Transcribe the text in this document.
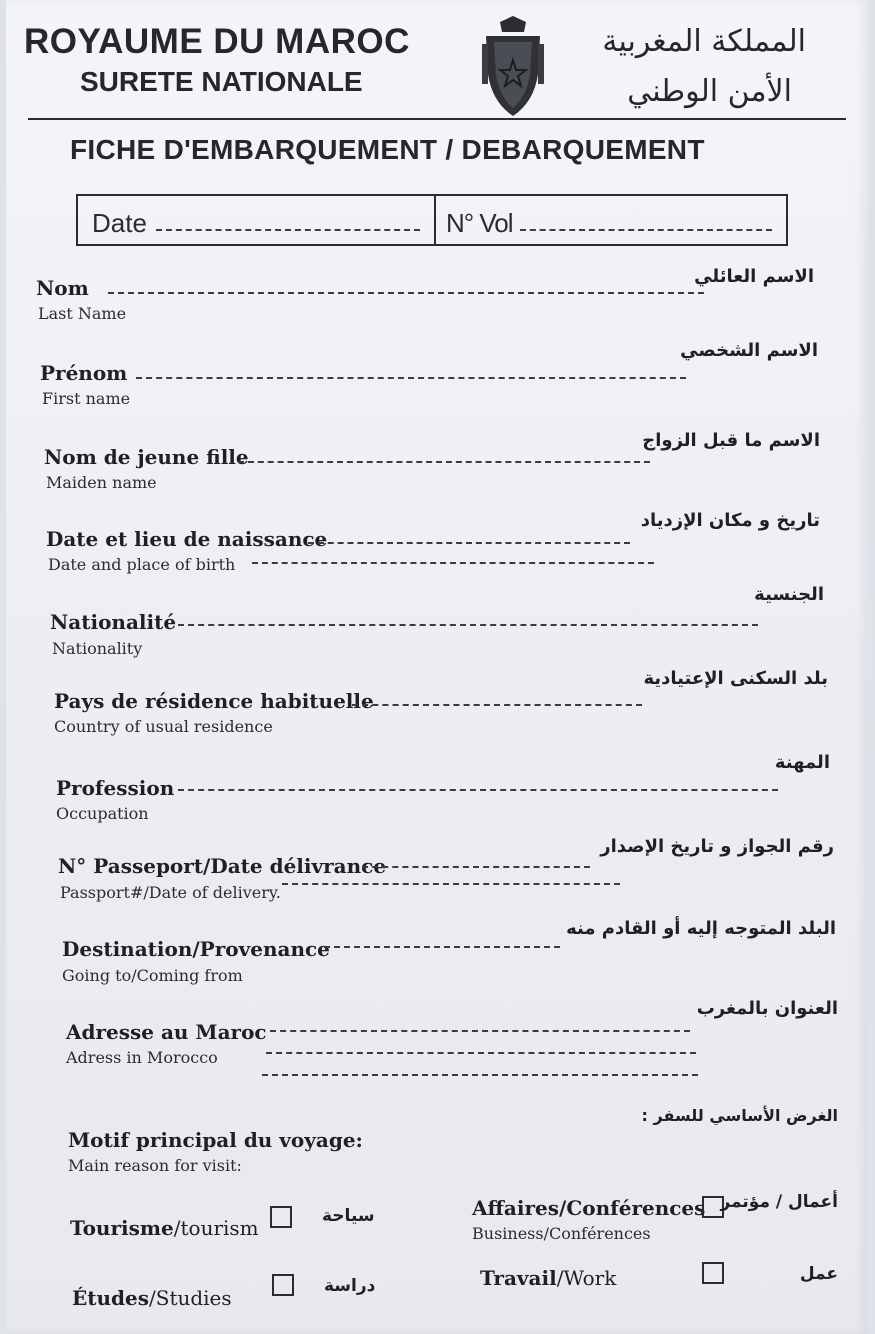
ROYAUME DU MAROC
SURETE NATIONALE
المملكة المغربية
الأمن الوطني
FICHE D'EMBARQUEMENT / DEBARQUEMENT
Date	N° Vol
Nom	الاسم العائلي
Last Name
Prénom
الاسم الشخصي
First name
Nom de jeune fille
الاسم ما قبل الزواج
Maiden name
Date et lieu de naissance
تاريخ و مكان الإزدياد
Date and place of birth
Nationalité
الجنسية
Nationality
Pays de résidence habituelle
بلد السكنى الإعتيادية
Country of usual residence
Profession
المهنة
Occupation
N° Passeport/Date délivrance
رقم الجواز و تاريخ الإصدار
Passport#/Date of delivery.
Destination/Provenance
البلد المتوجه إليه أو القادم منه
Going to/Coming from
Adresse au Maroc
العنوان بالمغرب
Adress in Morocco
Motif principal du voyage:
Main reason for visit:
الغرض الأساسي للسفر :
Tourisme/tourism	سياحة	Affaires/Conférences أعمال / مؤتمر
Business/Conférences
Études/Studies	دراسة	Travail/Work	عمل
